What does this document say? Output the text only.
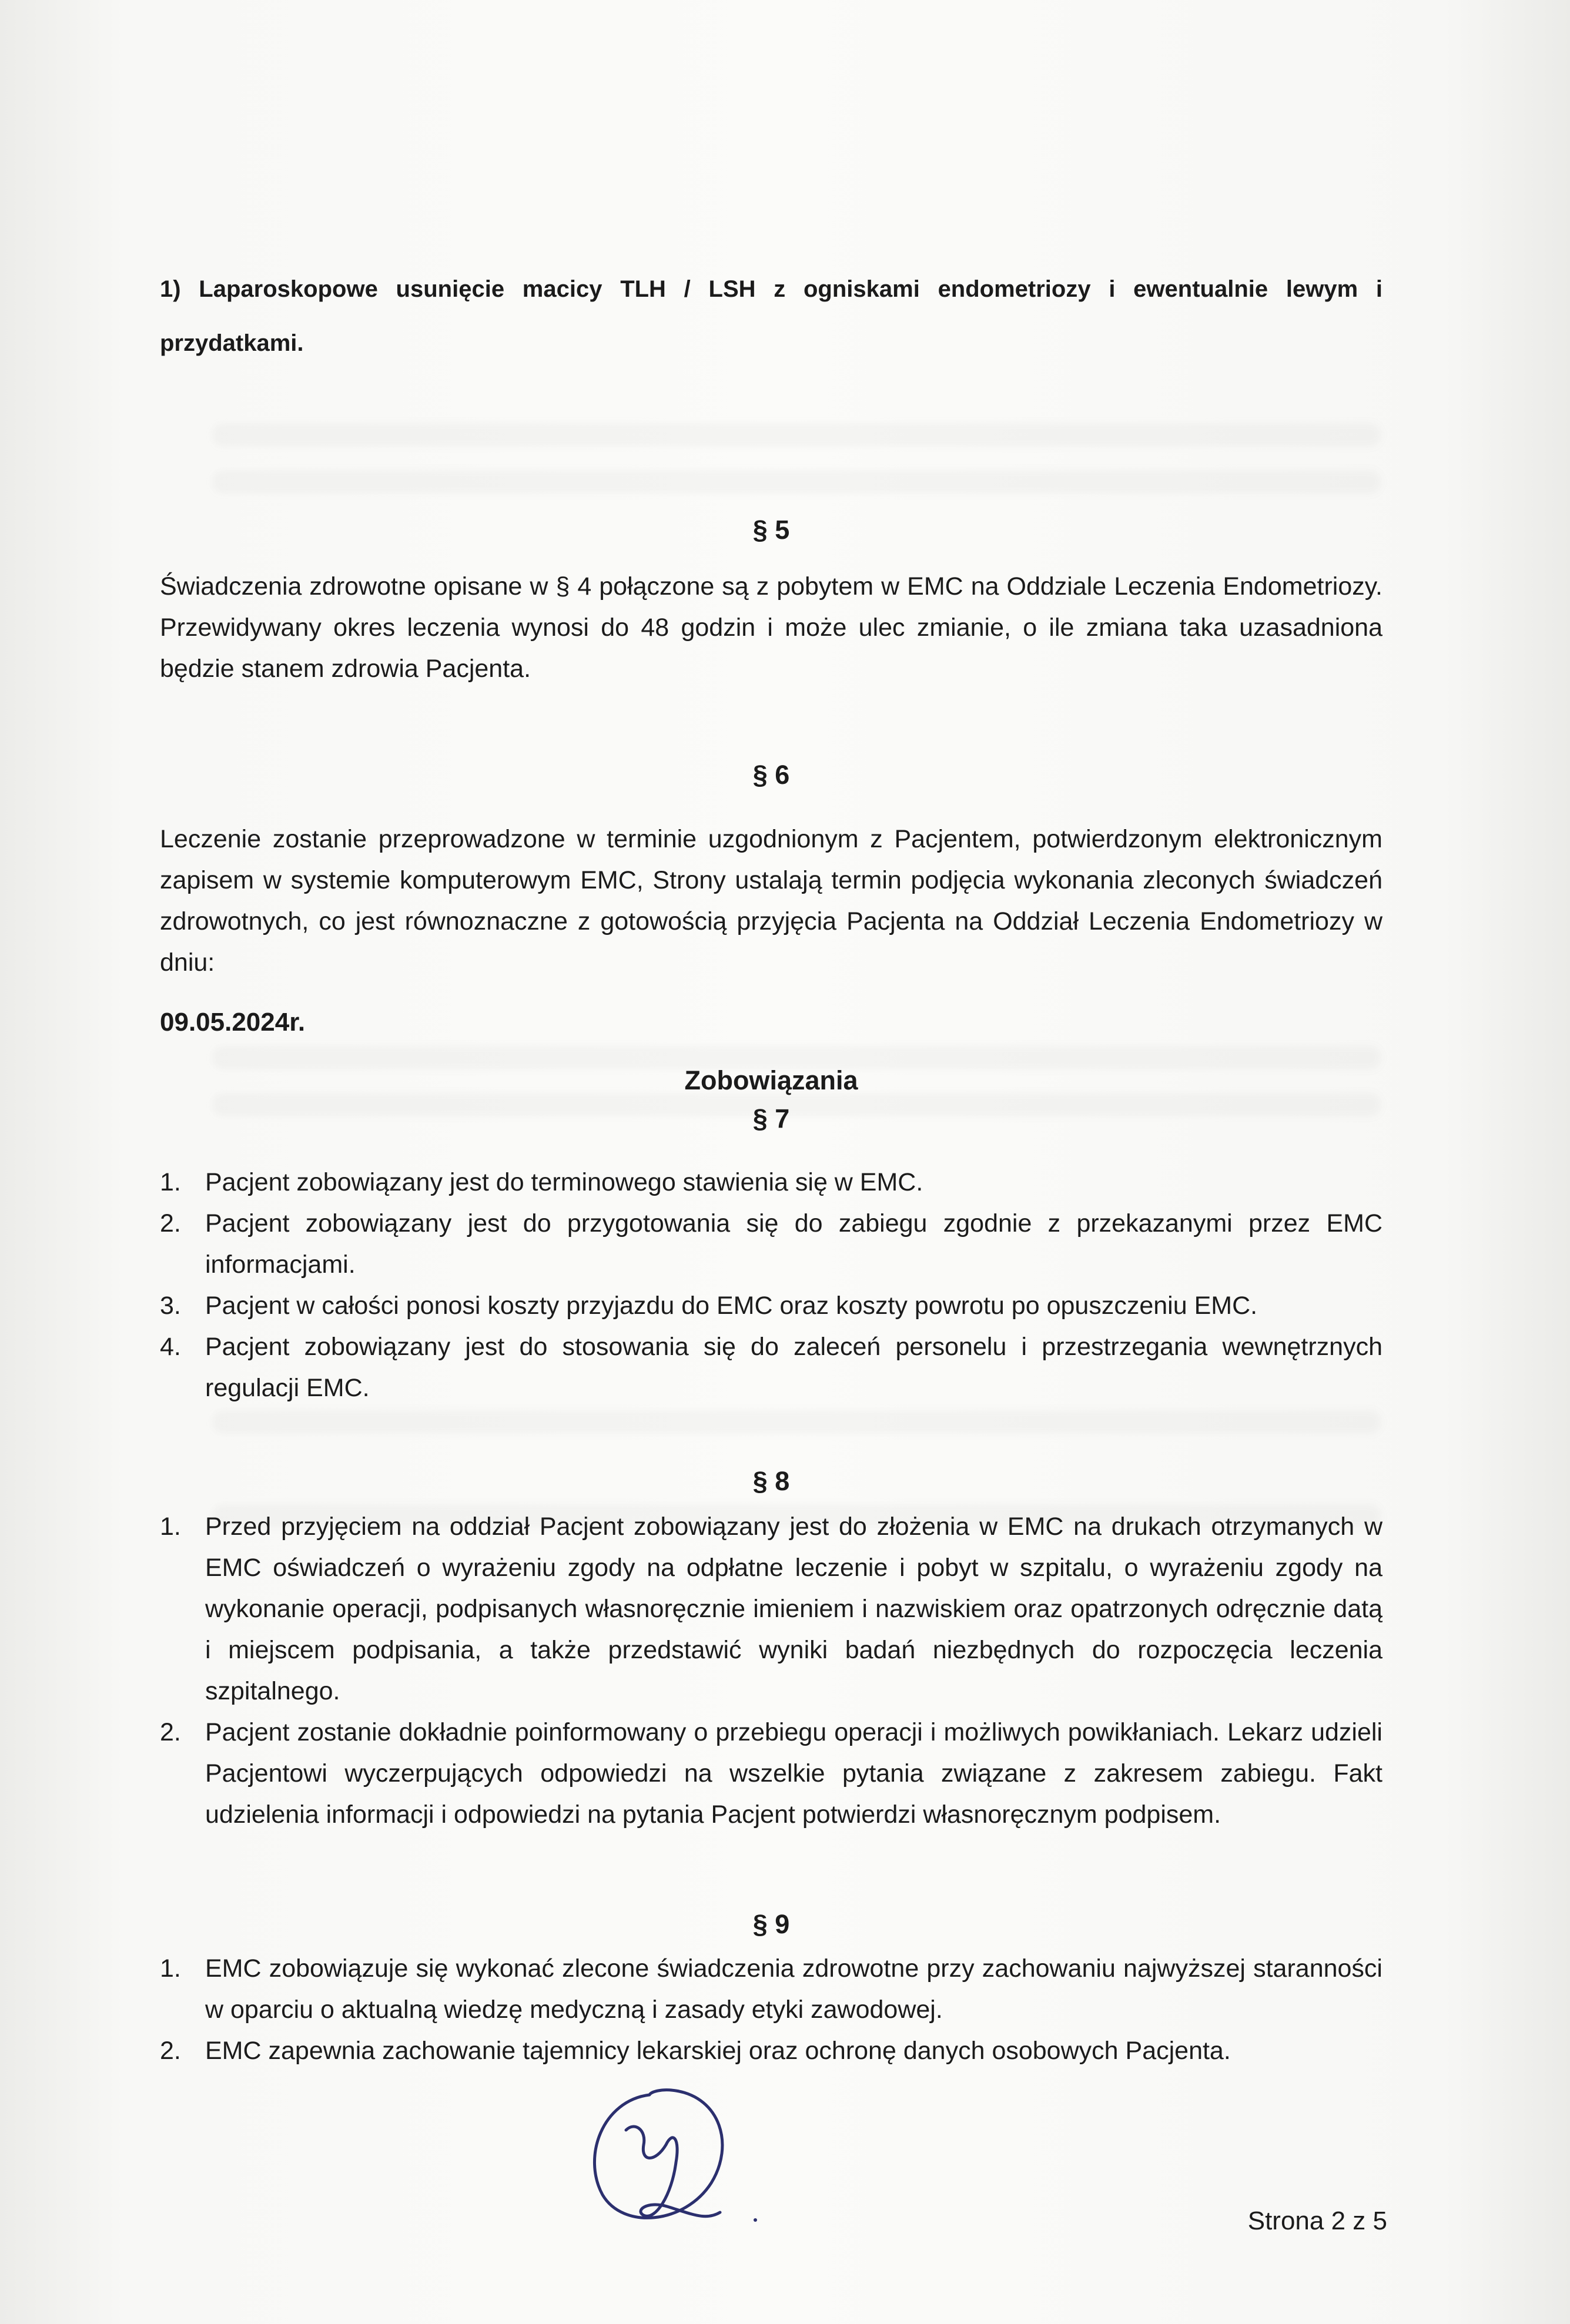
1) Laparoskopowe usunięcie macicy TLH / LSH z ogniskami endometriozy i ewentualnie lewym i przydatkami.
§ 5
Świadczenia zdrowotne opisane w § 4 połączone są z pobytem w EMC na Oddziale Leczenia Endometriozy. Przewidywany okres leczenia wynosi do 48 godzin i może ulec zmianie, o ile zmiana taka uzasadniona będzie stanem zdrowia Pacjenta.
§ 6
Leczenie zostanie przeprowadzone w terminie uzgodnionym z Pacjentem, potwierdzonym elektronicznym zapisem w systemie komputerowym EMC, Strony ustalają termin podjęcia wykonania zleconych świadczeń zdrowotnych, co jest równoznaczne z gotowością przyjęcia Pacjenta na Oddział Leczenia Endometriozy w dniu:
09.05.2024r.
Zobowiązania
§ 7
1. Pacjent zobowiązany jest do terminowego stawienia się w EMC.
2. Pacjent zobowiązany jest do przygotowania się do zabiegu zgodnie z przekazanymi przez EMC informacjami.
3. Pacjent w całości ponosi koszty przyjazdu do EMC oraz koszty powrotu po opuszczeniu EMC.
4. Pacjent zobowiązany jest do stosowania się do zaleceń personelu i przestrzegania wewnętrznych regulacji EMC.
§ 8
1. Przed przyjęciem na oddział Pacjent zobowiązany jest do złożenia w EMC na drukach otrzymanych w EMC oświadczeń o wyrażeniu zgody na odpłatne leczenie i pobyt w szpitalu, o wyrażeniu zgody na wykonanie operacji, podpisanych własnoręcznie imieniem i nazwiskiem oraz opatrzonych odręcznie datą i miejscem podpisania, a także przedstawić wyniki badań niezbędnych do rozpoczęcia leczenia szpitalnego.
2. Pacjent zostanie dokładnie poinformowany o przebiegu operacji i możliwych powikłaniach. Lekarz udzieli Pacjentowi wyczerpujących odpowiedzi na wszelkie pytania związane z zakresem zabiegu. Fakt udzielenia informacji i odpowiedzi na pytania Pacjent potwierdzi własnoręcznym podpisem.
§ 9
1. EMC zobowiązuje się wykonać zlecone świadczenia zdrowotne przy zachowaniu najwyższej staranności w oparciu o aktualną wiedzę medyczną i zasady etyki zawodowej.
2. EMC zapewnia zachowanie tajemnicy lekarskiej oraz ochronę danych osobowych Pacjenta.
Strona 2 z 5
